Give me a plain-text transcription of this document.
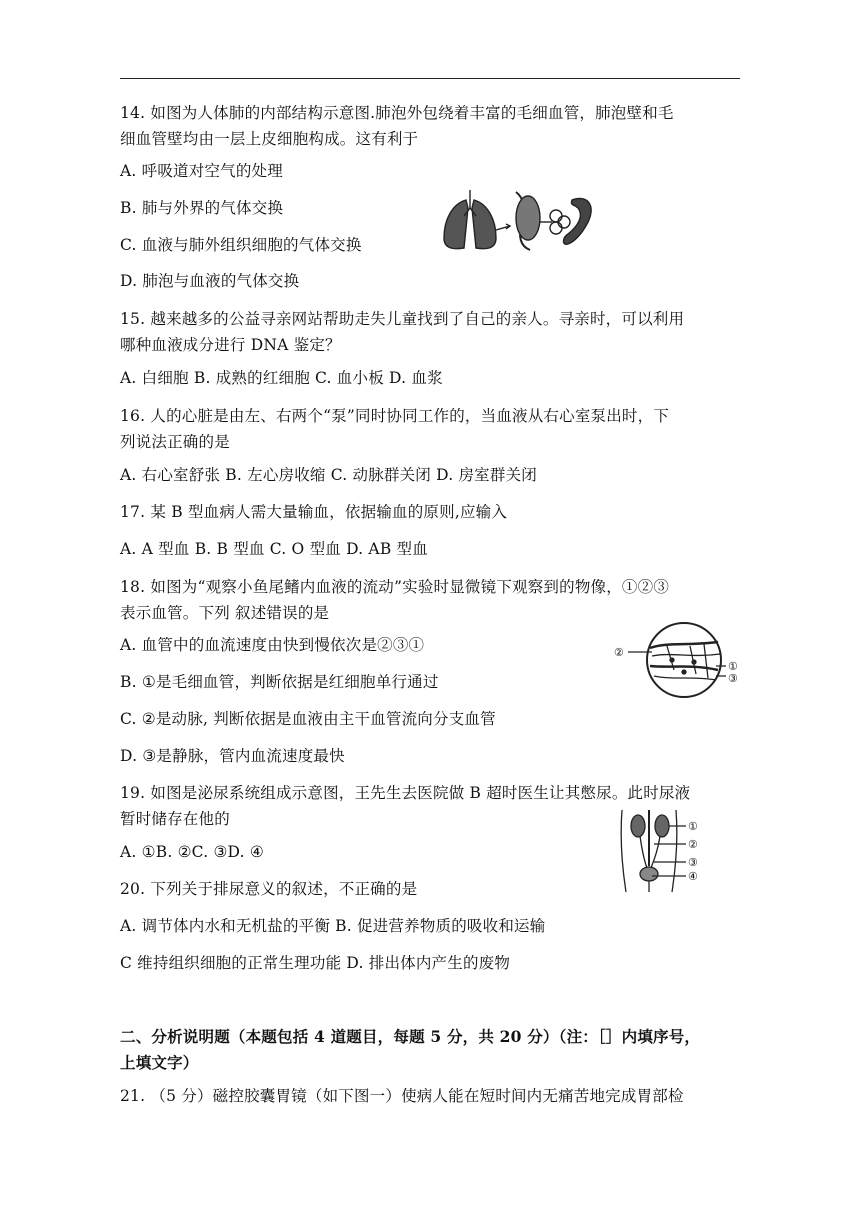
14. 如图为人体肺的内部结构示意图.肺泡外包绕着丰富的毛细血管，肺泡壁和毛
细血管壁均由一层上皮细胞构成。这有利于
A. 呼吸道对空气的处理
B. 肺与外界的气体交换
C. 血液与肺外组织细胞的气体交换
D. 肺泡与血液的气体交换
15. 越来越多的公益寻亲网站帮助走失儿童找到了自己的亲人。寻亲时，可以利用
哪种血液成分进行 DNA 鉴定？
A. 白细胞 B. 成熟的红细胞 C. 血小板 D. 血浆
16. 人的心脏是由左、右两个“泵”同时协同工作的，当血液从右心室泵出时，下
列说法正确的是
A. 右心室舒张 B. 左心房收缩 C. 动脉群关闭 D. 房室群关闭
17. 某 B 型血病人需大量输血，依据输血的原则,应输入
A. A 型血 B. B 型血 C. O 型血 D. AB 型血
18. 如图为“观察小鱼尾鳍内血液的流动”实验时显微镜下观察到的物像，①②③
表示血管。下列 叙述错误的是
A. 血管中的血流速度由快到慢依次是②③①
B. ①是毛细血管，判断依据是红细胞单行通过
C. ②是动脉, 判断依据是血液由主干血管流向分支血管
D. ③是静脉，管内血流速度最快
②
①
③
19. 如图是泌尿系统组成示意图，王先生去医院做 B 超时医生让其憋尿。此时尿液
暂时储存在他的
A. ①B. ②C. ③D. ④
①
②
③
④
20. 下列关于排尿意义的叙述，不正确的是
A. 调节体内水和无机盐的平衡 B. 促进营养物质的吸收和运输
C 维持组织细胞的正常生理功能 D. 排出体内产生的废物
二、分析说明题（本题包括 4 道题目，每题 5 分，共 20 分）（注：［］内填序号，
上填文字）
21. （5 分）磁控胶囊胃镜（如下图一）使病人能在短时间内无痛苦地完成胃部检
